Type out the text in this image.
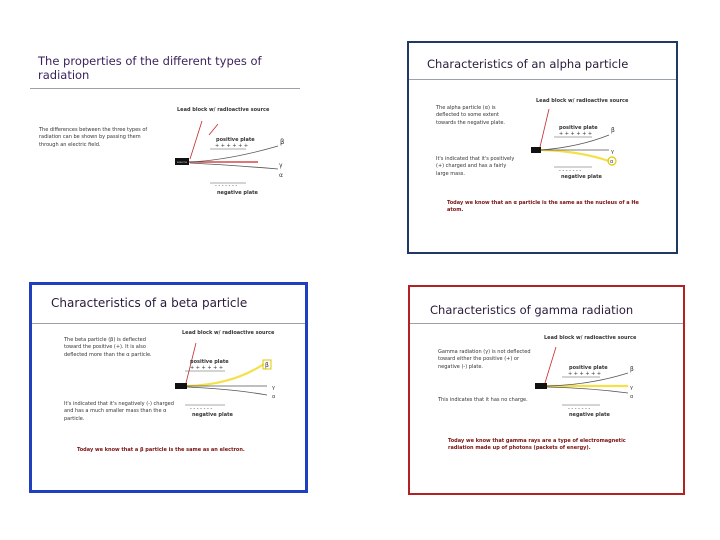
The properties of the different types of radiation
The differences between the three types of radiation can be shown by passing them through an electric field.
Lead block w/ radioactive source
positive plate
+ + + + + +
source
- - - - - - -
negative plate
β
γ
α
Characteristics of an alpha particle
The alpha particle (α) is deflected to some extent towards the negative plate.
It's indicated that it's positively (+) charged and has a fairly large mass.
Today we know that an α particle is the same as the nucleus of a He atom.
Lead block w/ radioactive source
positive plate
+ + + + + +
- - - - - - -
negative plate
β
γ
α
Characteristics of a beta particle
The beta particle (β) is deflected toward the positive (+). It is also deflected more than the α particle.
It's indicated that it's negatively (-) charged and has a much smaller mass than the α particle.
Today we know that a β particle is the same as an electron.
Lead block w/ radioactive source
positive plate
+ + + + + +
- - - - - - -
negative plate
β
γ
α
Characteristics of gamma radiation
Gamma radiation (γ) is not deflected toward either the positive (+) or negative (-) plate.
This indicates that it has no charge.
Today we know that gamma rays are a type of electromagnetic radiation made up of photons (packets of energy).
Lead block w/ radioactive source
positive plate
+ + + + + +
- - - - - - -
negative plate
β
γ
α
